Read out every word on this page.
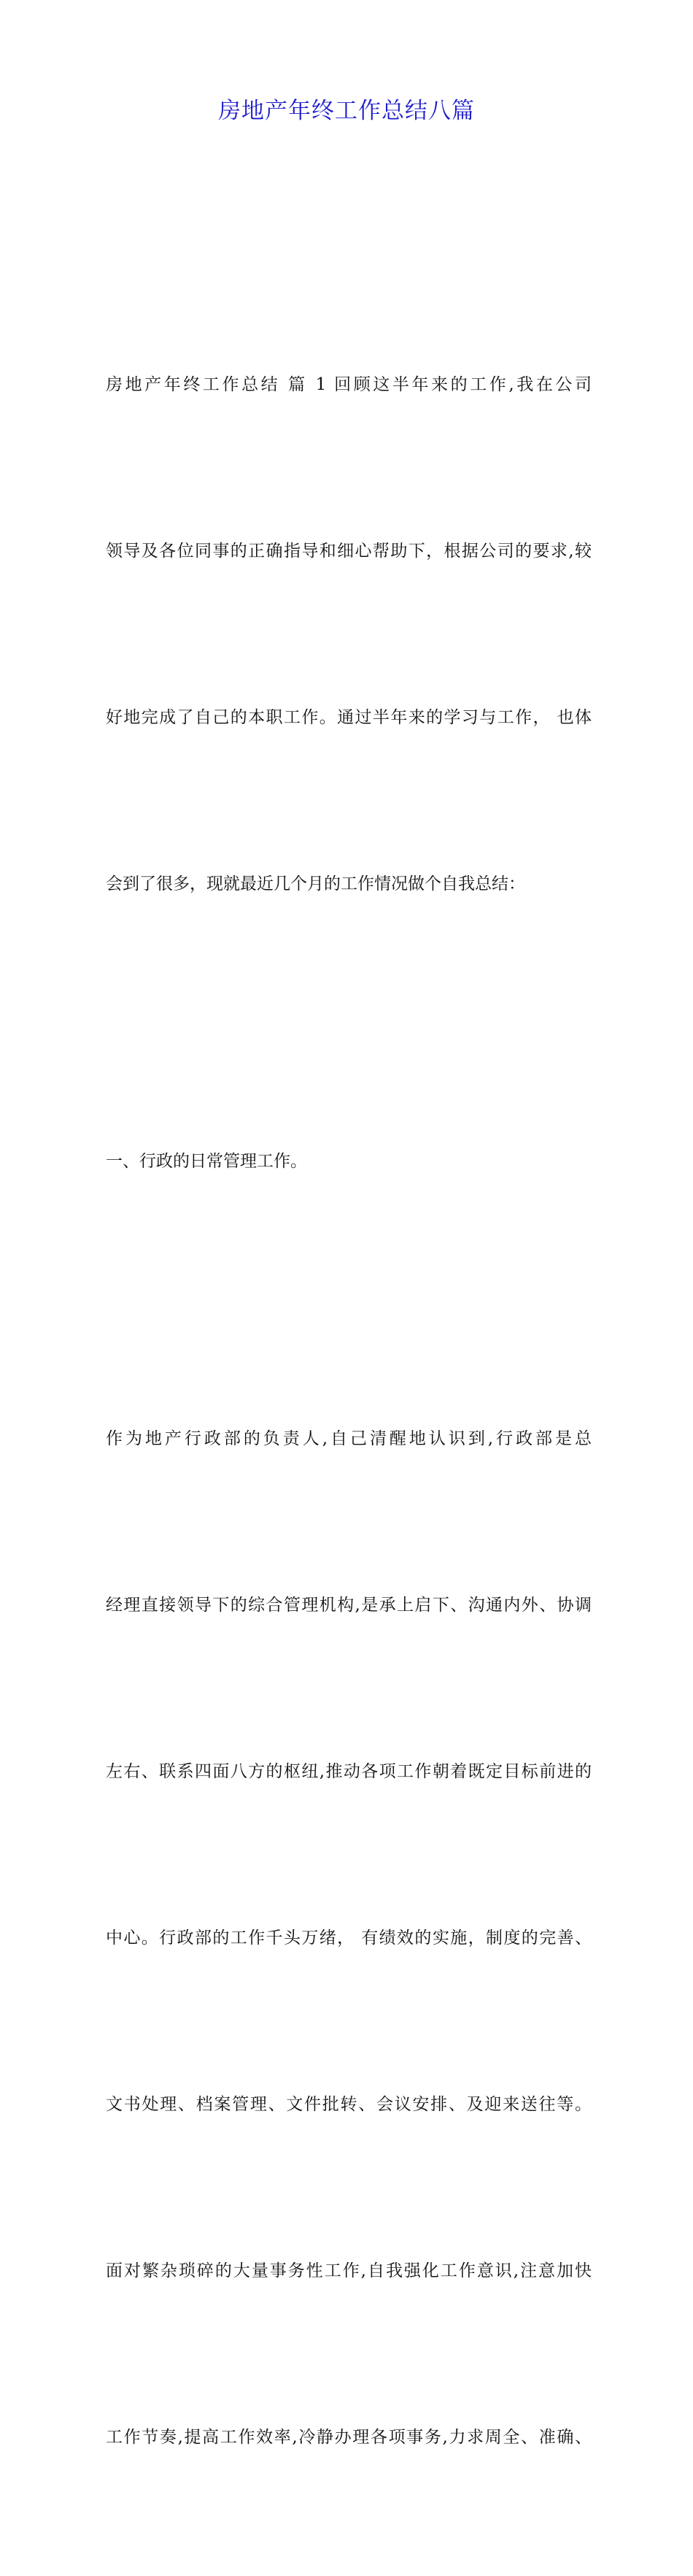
房地产年终工作总结八篇

房地产年终工作总结 篇 1 回顾这半年来的工作,我在公司

领导及各位同事的正确指导和细心帮助下，根据公司的要求,较

好地完成了自己的本职工作。通过半年来的学习与工作， 也体

会到了很多，现就最近几个月的工作情况做个自我总结：

一、行政的日常管理工作。

作为地产行政部的负责人,自己清醒地认识到,行政部是总

经理直接领导下的综合管理机构,是承上启下、沟通内外、协调

左右、联系四面八方的枢纽,推动各项工作朝着既定目标前进的

中心。行政部的工作千头万绪， 有绩效的实施，制度的完善、

文书处理、档案管理、文件批转、会议安排、及迎来送往等。

面对繁杂琐碎的大量事务性工作,自我强化工作意识,注意加快

工作节奏,提高工作效率,冷静办理各项事务,力求周全、准确、
